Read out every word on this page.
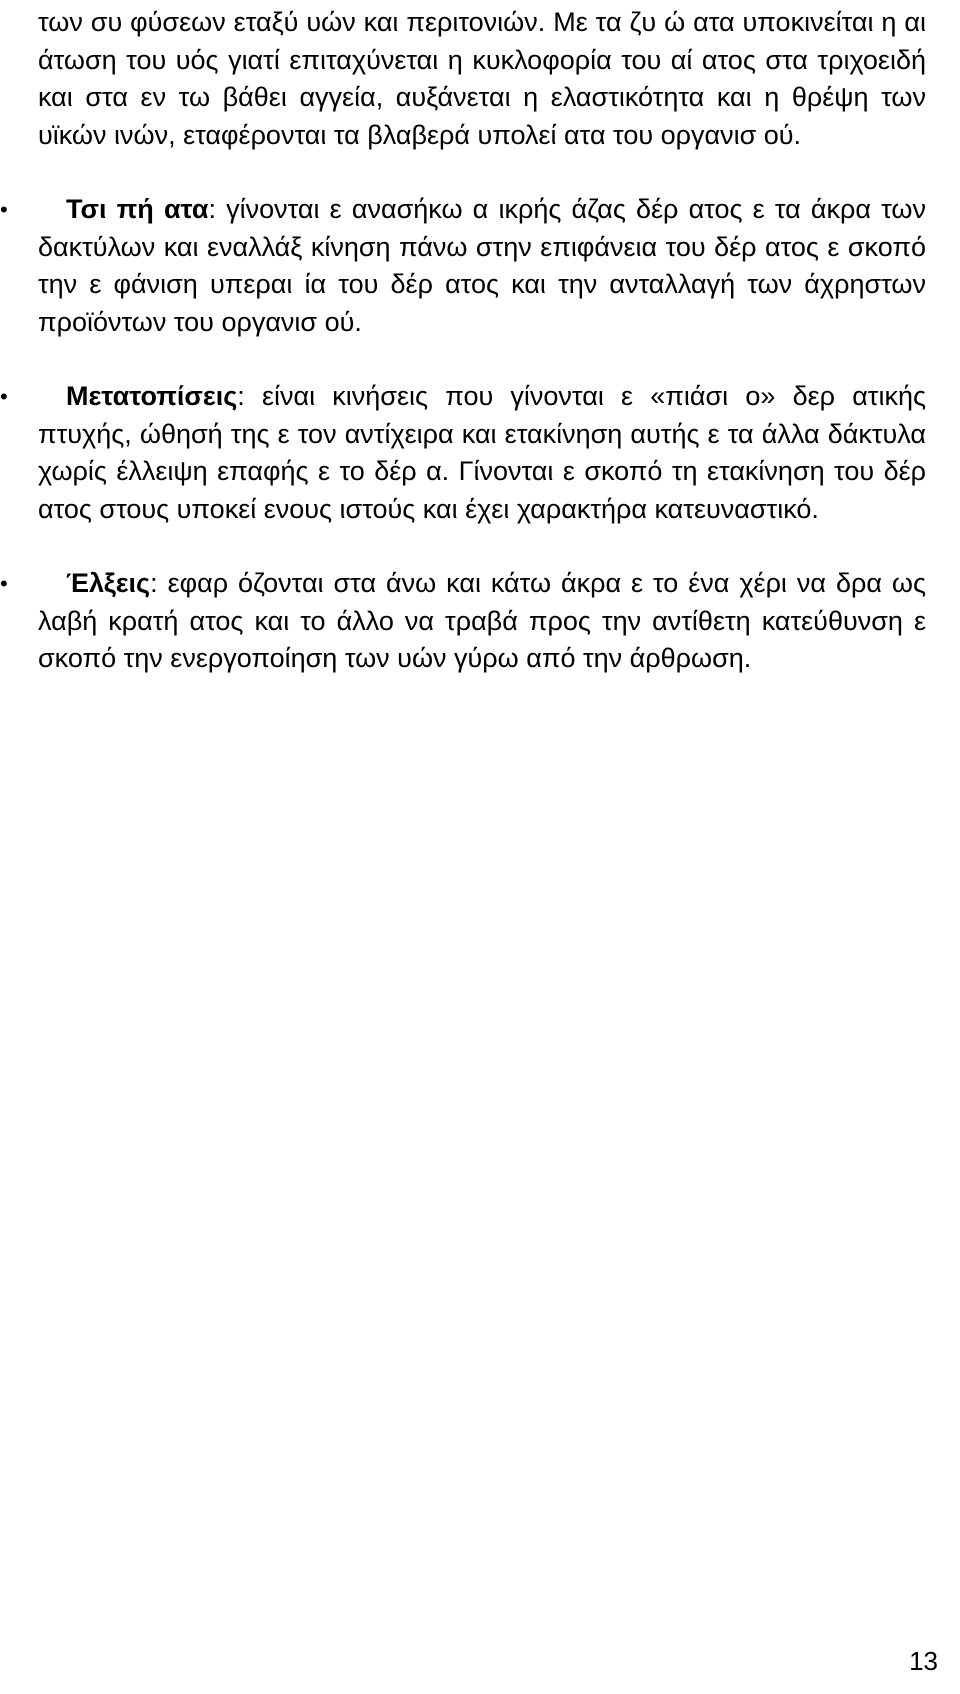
των συ φύσεων εταξύ υών και περιτονιών. Με τα ζυ ώ ατα υποκινείται η αι άτωση του υός γιατί επιταχύνεται η κυκλοφορία του αί ατος στα τριχοειδή και στα εν τω βάθει αγγεία, αυξάνεται η ελαστικότητα και η θρέψη των υϊκών ινών, εταφέρονται τα βλαβερά υπολεί ατα του οργανισ ού.

•	Τσι πή ατα: γίνονται ε ανασήκω α ικρής άζας δέρ ατος ε τα άκρα των δακτύλων και εναλλάξ κίνηση πάνω στην επιφάνεια του δέρ ατος ε σκοπό την ε φάνιση υπεραι ία του δέρ ατος και την ανταλλαγή των άχρηστων προϊόντων του οργανισ ού.

•	Μετατοπίσεις: είναι κινήσεις που γίνονται ε «πιάσι ο» δερ ατικής πτυχής, ώθησή της ε τον αντίχειρα και ετακίνηση αυτής ε τα άλλα δάκτυλα χωρίς έλλειψη επαφής ε το δέρ α. Γίνονται ε σκοπό τη ετακίνηση του δέρ ατος στους υποκεί ενους ιστούς και έχει χαρακτήρα κατευναστικό.

•	Έλξεις: εφαρ όζονται στα άνω και κάτω άκρα ε το ένα χέρι να δρα ως λαβή κρατή ατος και το άλλο να τραβά προς την αντίθετη κατεύθυνση ε σκοπό την ενεργοποίηση των υών γύρω από την άρθρωση.

13
